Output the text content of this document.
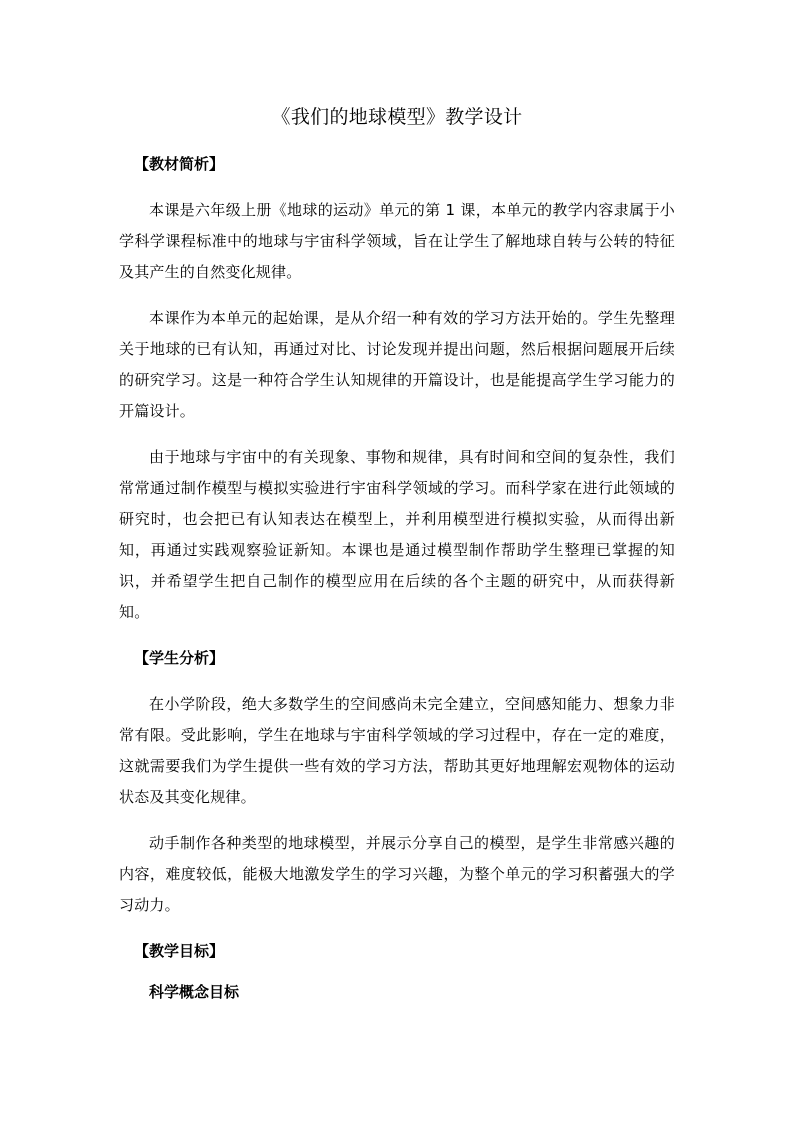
《我们的地球模型》教学设计
【教材简析】

本课是六年级上册《地球的运动》单元的第 1 课，本单元的教学内容隶属于小学科学课程标准中的地球与宇宙科学领域，旨在让学生了解地球自转与公转的特征及其产生的自然变化规律。

本课作为本单元的起始课，是从介绍一种有效的学习方法开始的。学生先整理关于地球的已有认知，再通过对比、讨论发现并提出问题，然后根据问题展开后续的研究学习。这是一种符合学生认知规律的开篇设计，也是能提高学生学习能力的开篇设计。

由于地球与宇宙中的有关现象、事物和规律，具有时间和空间的复杂性，我们常常通过制作模型与模拟实验进行宇宙科学领域的学习。而科学家在进行此领域的研究时，也会把已有认知表达在模型上，并利用模型进行模拟实验，从而得出新知，再通过实践观察验证新知。本课也是通过模型制作帮助学生整理已掌握的知识，并希望学生把自己制作的模型应用在后续的各个主题的研究中，从而获得新知。

【学生分析】

在小学阶段，绝大多数学生的空间感尚未完全建立，空间感知能力、想象力非常有限。受此影响，学生在地球与宇宙科学领域的学习过程中，存在一定的难度，这就需要我们为学生提供一些有效的学习方法，帮助其更好地理解宏观物体的运动状态及其变化规律。

动手制作各种类型的地球模型，并展示分享自己的模型，是学生非常感兴趣的内容，难度较低，能极大地激发学生的学习兴趣，为整个单元的学习积蓄强大的学习动力。

【教学目标】
科学概念目标
